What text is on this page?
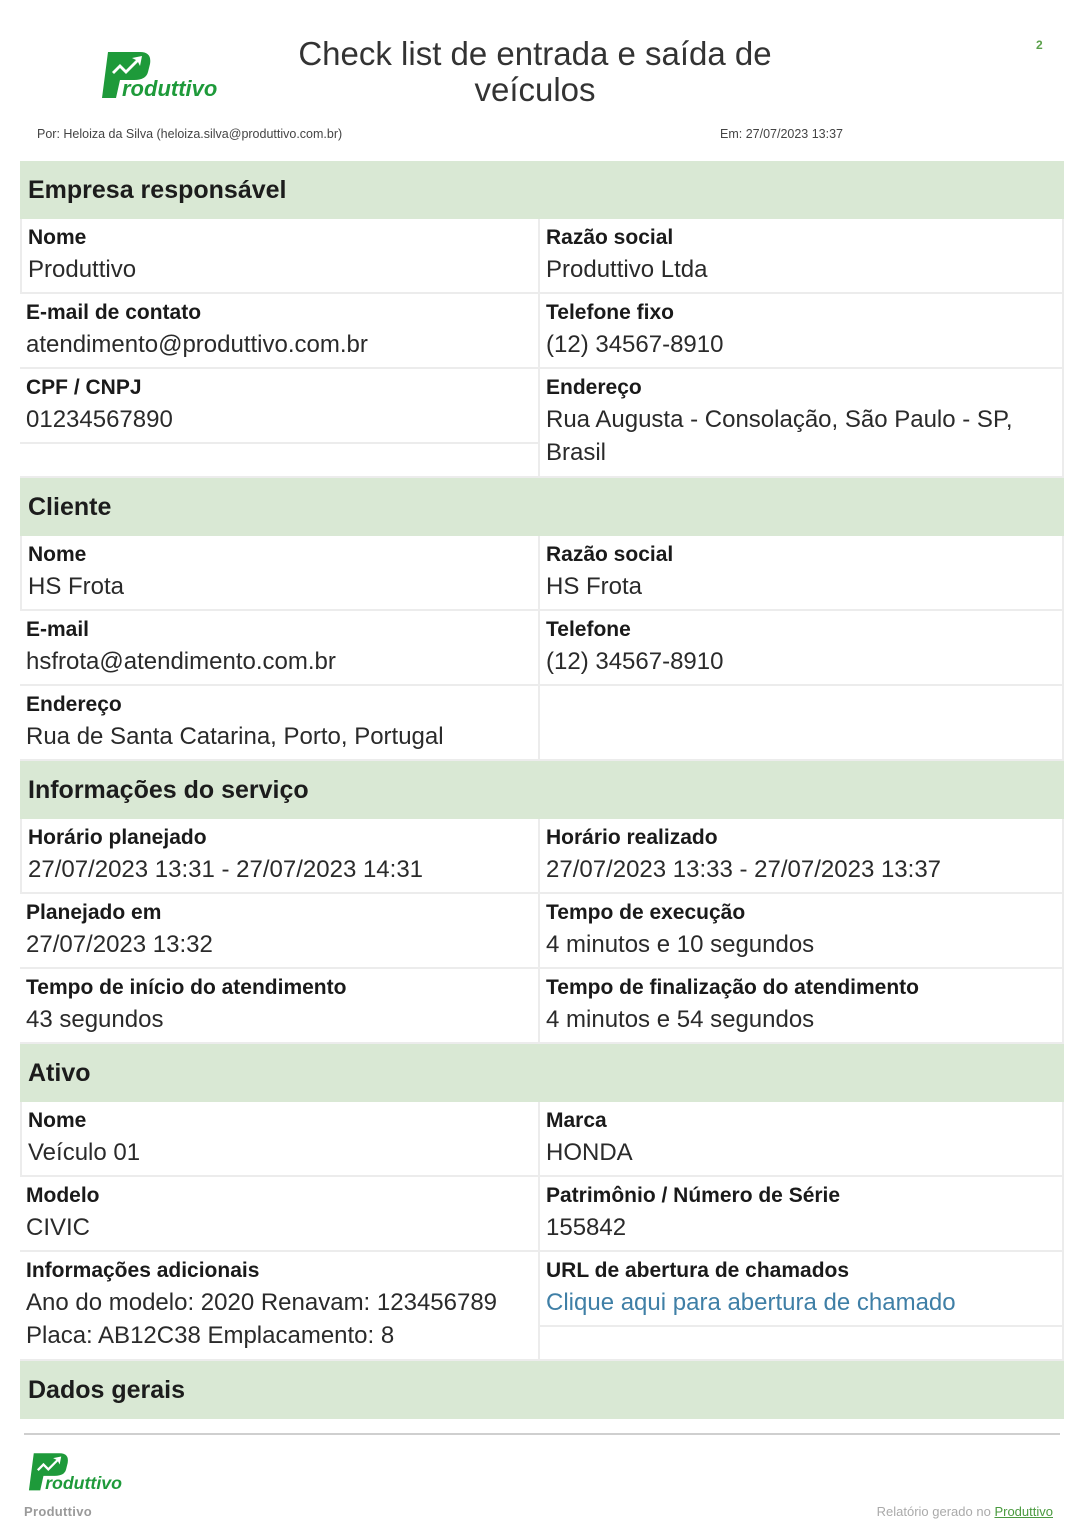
roduttivo
Check list de entrada e saída de veículos
2
Por: Heloiza da Silva (heloiza.silva@produttivo.com.br)	Em: 27/07/2023 13:37
Empresa responsável
Nome
Produttivo
Razão social
Produttivo Ltda
E-mail de contato
atendimento@produttivo.com.br
Telefone fixo
(12) 34567-8910
CPF / CNPJ
01234567890
Endereço
Rua Augusta - Consolação, São Paulo - SP, Brasil
Cliente
Nome
HS Frota
Razão social
HS Frota
E-mail
hsfrota@atendimento.com.br
Telefone
(12) 34567-8910
Endereço
Rua de Santa Catarina, Porto, Portugal
Informações do serviço
Horário planejado
27/07/2023 13:31 - 27/07/2023 14:31
Horário realizado
27/07/2023 13:33 - 27/07/2023 13:37
Planejado em
27/07/2023 13:32
Tempo de execução
4 minutos e 10 segundos
Tempo de início do atendimento
43 segundos
Tempo de finalização do atendimento
4 minutos e 54 segundos
Ativo
Nome
Veículo 01
Marca
HONDA
Modelo
CIVIC
Patrimônio / Número de Série
155842
Informações adicionais
Ano do modelo: 2020 Renavam: 123456789 Placa: AB12C38 Emplacamento: 8
URL de abertura de chamados
Clique aqui para abertura de chamado
Dados gerais
roduttivo
Produttivo	Relatório gerado no Produttivo
